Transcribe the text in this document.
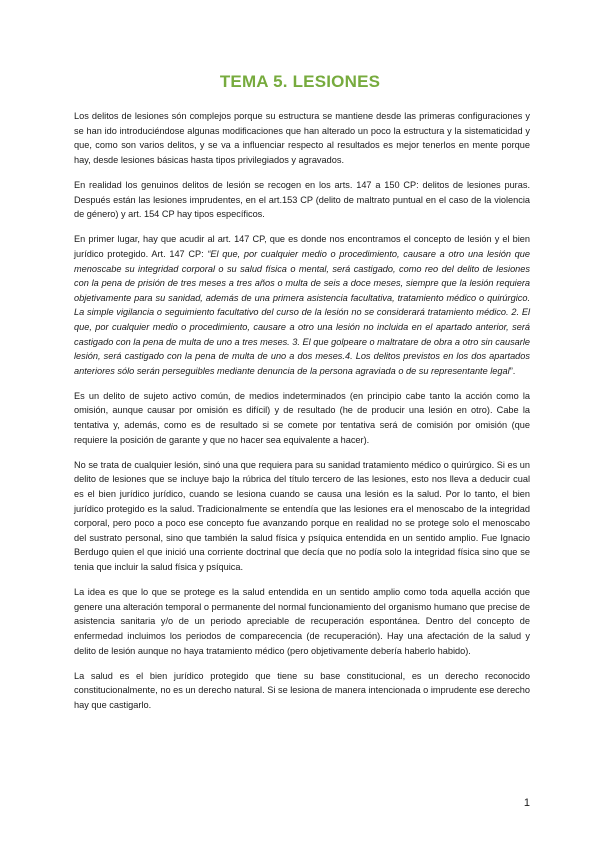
TEMA 5. LESIONES

Los delitos de lesiones són complejos porque su estructura se mantiene desde las primeras configuraciones y se han ido introduciéndose algunas modificaciones que han alterado un poco la estructura y la sistematicidad y que, como son varios delitos, y se va a influenciar respecto al resultados es mejor tenerlos en mente porque hay, desde lesiones básicas hasta tipos privilegiados y agravados.

En realidad los genuinos delitos de lesión se recogen en los arts. 147 a 150 CP: delitos de lesiones puras. Después están las lesiones imprudentes, en el art.153 CP (delito de maltrato puntual en el caso de la violencia de género) y art. 154 CP hay tipos específicos.

En primer lugar, hay que acudir al art. 147 CP, que es donde nos encontramos el concepto de lesión y el bien jurídico protegido. Art. 147 CP: “El que, por cualquier medio o procedimiento, causare a otro una lesión que menoscabe su integridad corporal o su salud física o mental, será castigado, como reo del delito de lesiones con la pena de prisión de tres meses a tres años o multa de seis a doce meses, siempre que la lesión requiera objetivamente para su sanidad, además de una primera asistencia facultativa, tratamiento médico o quirúrgico. La simple vigilancia o seguimiento facultativo del curso de la lesión no se considerará tratamiento médico. 2. El que, por cualquier medio o procedimiento, causare a otro una lesión no incluida en el apartado anterior, será castigado con la pena de multa de uno a tres meses. 3. El que golpeare o maltratare de obra a otro sin causarle lesión, será castigado con la pena de multa de uno a dos meses.4. Los delitos previstos en los dos apartados anteriores sólo serán perseguibles mediante denuncia de la persona agraviada o de su representante legal”.

Es un delito de sujeto activo común, de medios indeterminados (en principio cabe tanto la acción como la omisión, aunque causar por omisión es difícil) y de resultado (he de producir una lesión en otro). Cabe la tentativa y, además, como es de resultado si se comete por tentativa será de comisión por omisión (que requiere la posición de garante y que no hacer sea equivalente a hacer).

No se trata de cualquier lesión, sinó una que requiera para su sanidad tratamiento médico o quirúrgico. Si es un delito de lesiones que se incluye bajo la rúbrica del título tercero de las lesiones, esto nos lleva a deducir cual es el bien jurídico jurídico, cuando se lesiona cuando se causa una lesión es la salud. Por lo tanto, el bien jurídico protegido es la salud. Tradicionalmente se entendía que las lesiones era el menoscabo de la integridad corporal, pero poco a poco ese concepto fue avanzando porque en realidad no se protege solo el menoscabo del sustrato personal, sino que también la salud física y psíquica entendida en un sentido amplio. Fue Ignacio Berdugo quien el que inició una corriente doctrinal que decía que no podía solo la integridad física sino que se tenia que incluir la salud física y psíquica.

La idea es que lo que se protege es la salud entendida en un sentido amplio como toda aquella acción que genere una alteración temporal o permanente del normal funcionamiento del organismo humano que precise de asistencia sanitaria y/o de un periodo apreciable de recuperación espontánea. Dentro del concepto de enfermedad incluimos los periodos de comparecencia (de recuperación). Hay una afectación de la salud y delito de lesión aunque no haya tratamiento médico (pero objetivamente debería haberlo habido).

La salud es el bien jurídico protegido que tiene su base constitucional, es un derecho reconocido constitucionalmente, no es un derecho natural. Si se lesiona de manera intencionada o imprudente ese derecho hay que castigarlo.

1
